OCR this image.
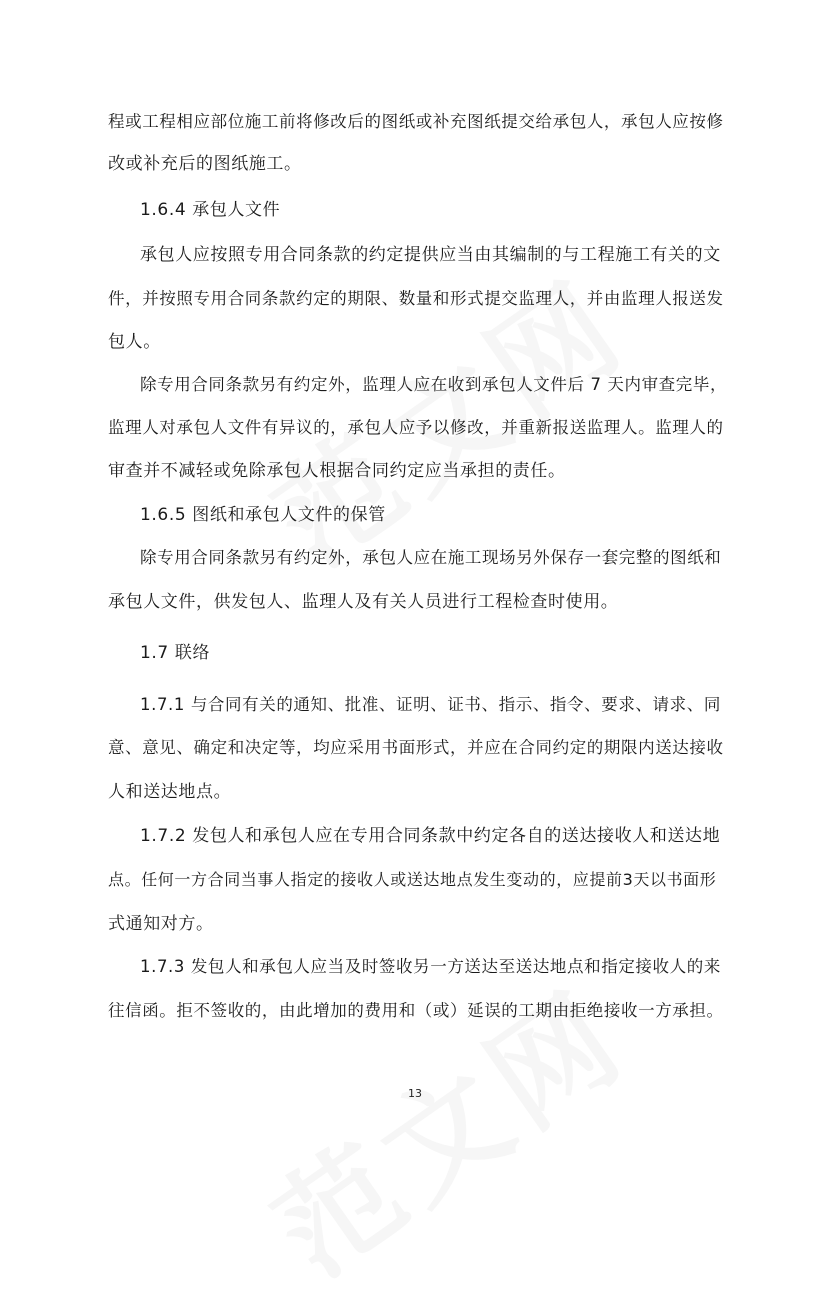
程或工程相应部位施工前将修改后的图纸或补充图纸提交给承包人，承包人应按修
改或补充后的图纸施工。
1.6.4 承包人文件
承包人应按照专用合同条款的约定提供应当由其编制的与工程施工有关的文
件，并按照专用合同条款约定的期限、数量和形式提交监理人，并由监理人报送发
包人。
除专用合同条款另有约定外，监理人应在收到承包人文件后 7 天内审查完毕，
监理人对承包人文件有异议的，承包人应予以修改，并重新报送监理人。监理人的
审查并不减轻或免除承包人根据合同约定应当承担的责任。
1.6.5 图纸和承包人文件的保管
除专用合同条款另有约定外，承包人应在施工现场另外保存一套完整的图纸和
承包人文件，供发包人、监理人及有关人员进行工程检查时使用。
1.7 联络
1.7.1 与合同有关的通知、批准、证明、证书、指示、指令、要求、请求、同
意、意见、确定和决定等，均应采用书面形式，并应在合同约定的期限内送达接收
人和送达地点。
1.7.2 发包人和承包人应在专用合同条款中约定各自的送达接收人和送达地
点。任何一方合同当事人指定的接收人或送达地点发生变动的，应提前3天以书面形
式通知对方。
1.7.3 发包人和承包人应当及时签收另一方送达至送达地点和指定接收人的来
往信函。拒不签收的，由此增加的费用和（或）延误的工期由拒绝接收一方承担。
13
